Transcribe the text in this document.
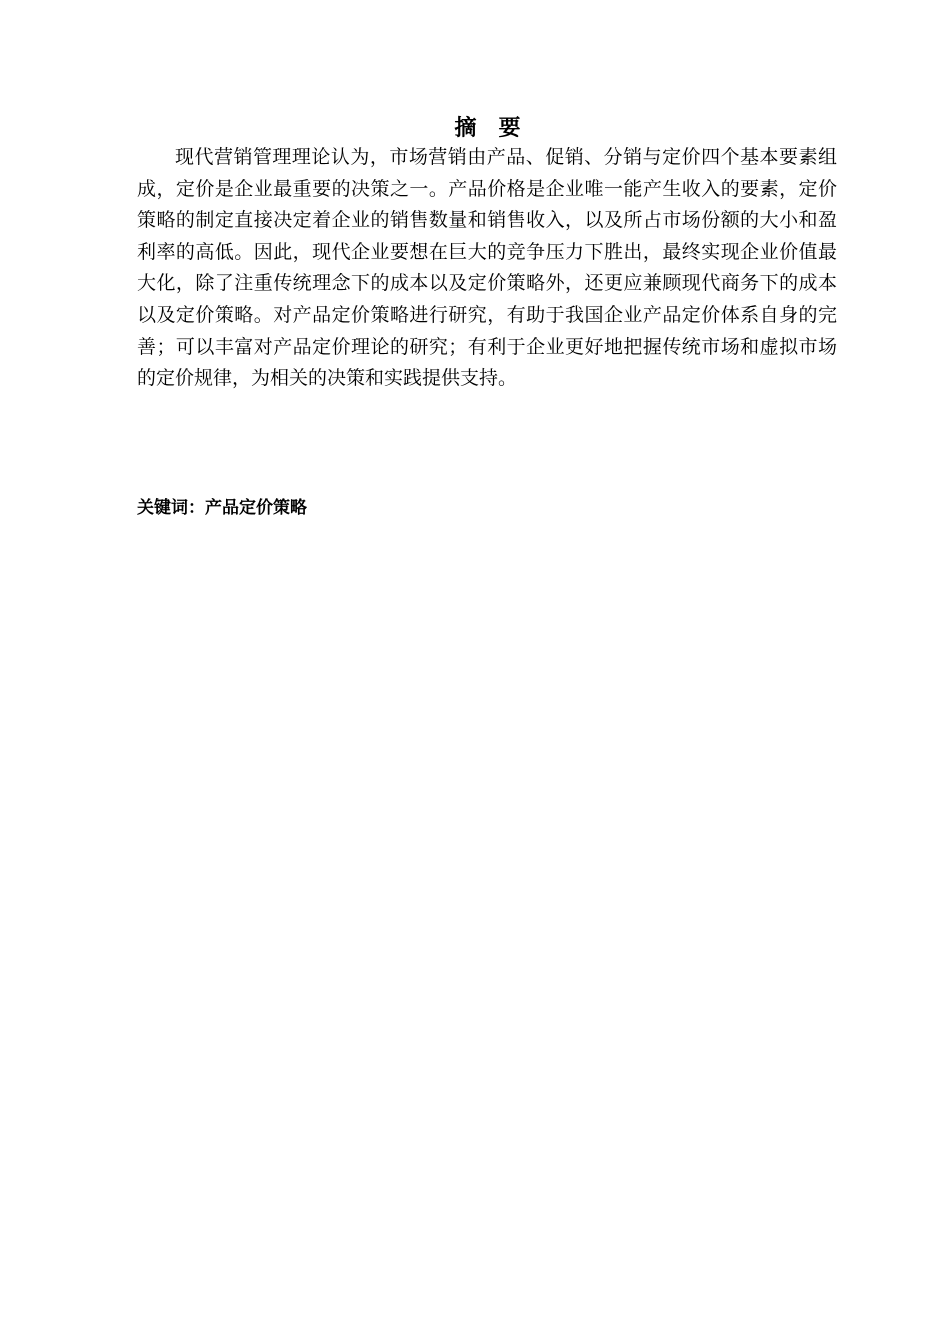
摘　要
现代营销管理理论认为，市场营销由产品、促销、分销与定价四个基本要素组
成，定价是企业最重要的决策之一。产品价格是企业唯一能产生收入的要素，定价
策略的制定直接决定着企业的销售数量和销售收入，以及所占市场份额的大小和盈
利率的高低。因此，现代企业要想在巨大的竞争压力下胜出，最终实现企业价值最
大化，除了注重传统理念下的成本以及定价策略外，还更应兼顾现代商务下的成本
以及定价策略。对产品定价策略进行研究，有助于我国企业产品定价体系自身的完
善；可以丰富对产品定价理论的研究；有利于企业更好地把握传统市场和虚拟市场
的定价规律，为相关的决策和实践提供支持。
关键词：产品定价策略
